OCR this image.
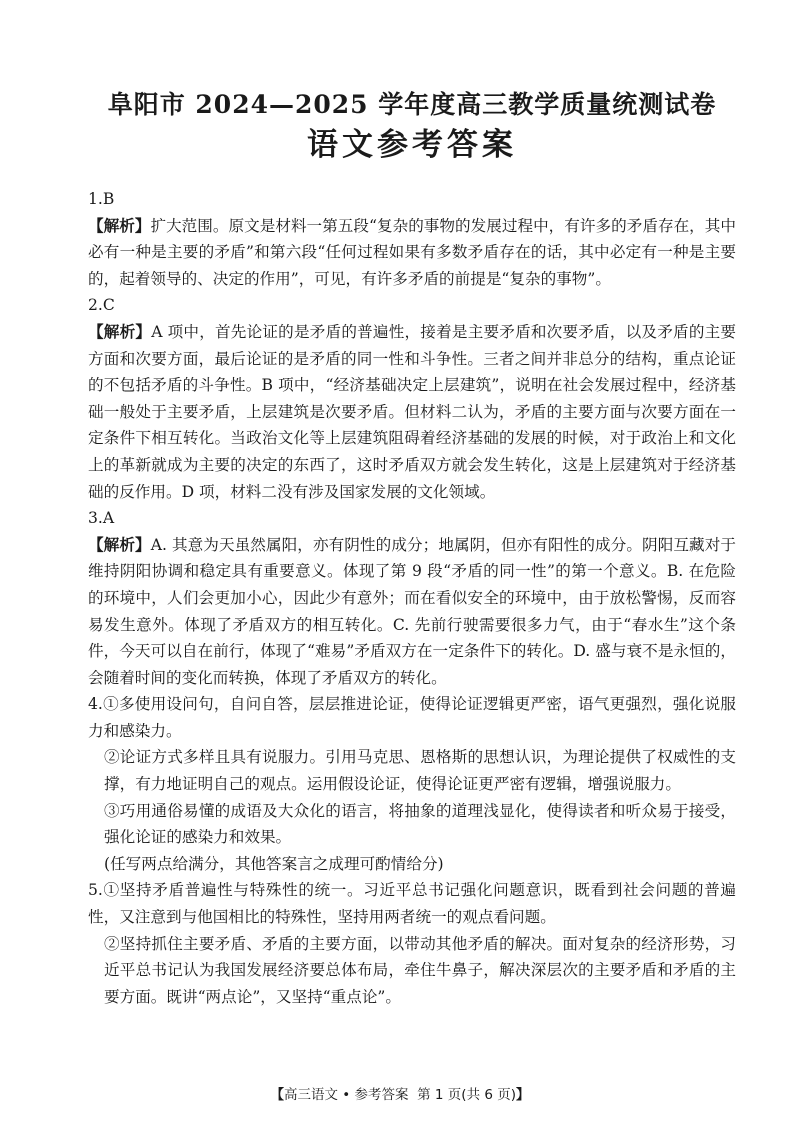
阜阳市 2024—2025 学年度高三教学质量统测试卷
语文参考答案

1.B

【解析】扩大范围。原文是材料一第五段“复杂的事物的发展过程中，有许多的矛盾存在，其中必有一种是主要的矛盾”和第六段“任何过程如果有多数矛盾存在的话，其中必定有一种是主要的，起着领导的、决定的作用”，可见，有许多矛盾的前提是“复杂的事物”。

2.C

【解析】A 项中，首先论证的是矛盾的普遍性，接着是主要矛盾和次要矛盾，以及矛盾的主要方面和次要方面，最后论证的是矛盾的同一性和斗争性。三者之间并非总分的结构，重点论证的不包括矛盾的斗争性。B 项中，“经济基础决定上层建筑”，说明在社会发展过程中，经济基础一般处于主要矛盾，上层建筑是次要矛盾。但材料二认为，矛盾的主要方面与次要方面在一定条件下相互转化。当政治文化等上层建筑阻碍着经济基础的发展的时候，对于政治上和文化上的革新就成为主要的决定的东西了，这时矛盾双方就会发生转化，这是上层建筑对于经济基础的反作用。D 项，材料二没有涉及国家发展的文化领域。

3.A

【解析】A. 其意为天虽然属阳，亦有阴性的成分；地属阴，但亦有阳性的成分。阴阳互藏对于维持阴阳协调和稳定具有重要意义。体现了第 9 段“矛盾的同一性”的第一个意义。B. 在危险的环境中，人们会更加小心，因此少有意外；而在看似安全的环境中，由于放松警惕，反而容易发生意外。体现了矛盾双方的相互转化。C. 先前行驶需要很多力气，由于“春水生”这个条件，今天可以自在前行，体现了“难易”矛盾双方在一定条件下的转化。D. 盛与衰不是永恒的，会随着时间的变化而转换，体现了矛盾双方的转化。

4.①多使用设问句，自问自答，层层推进论证，使得论证逻辑更严密，语气更强烈，强化说服力和感染力。

②论证方式多样且具有说服力。引用马克思、恩格斯的思想认识，为理论提供了权威性的支撑，有力地证明自己的观点。运用假设论证，使得论证更严密有逻辑，增强说服力。

③巧用通俗易懂的成语及大众化的语言，将抽象的道理浅显化，使得读者和听众易于接受，强化论证的感染力和效果。

(任写两点给满分，其他答案言之成理可酌情给分)

5.①坚持矛盾普遍性与特殊性的统一。习近平总书记强化问题意识，既看到社会问题的普遍性，又注意到与他国相比的特殊性，坚持用两者统一的观点看问题。

②坚持抓住主要矛盾、矛盾的主要方面，以带动其他矛盾的解决。面对复杂的经济形势，习近平总书记认为我国发展经济要总体布局，牵住牛鼻子，解决深层次的主要矛盾和矛盾的主要方面。既讲“两点论”，又坚持“重点论”。

【高三语文 • 参考答案 第 1 页(共 6 页)】
